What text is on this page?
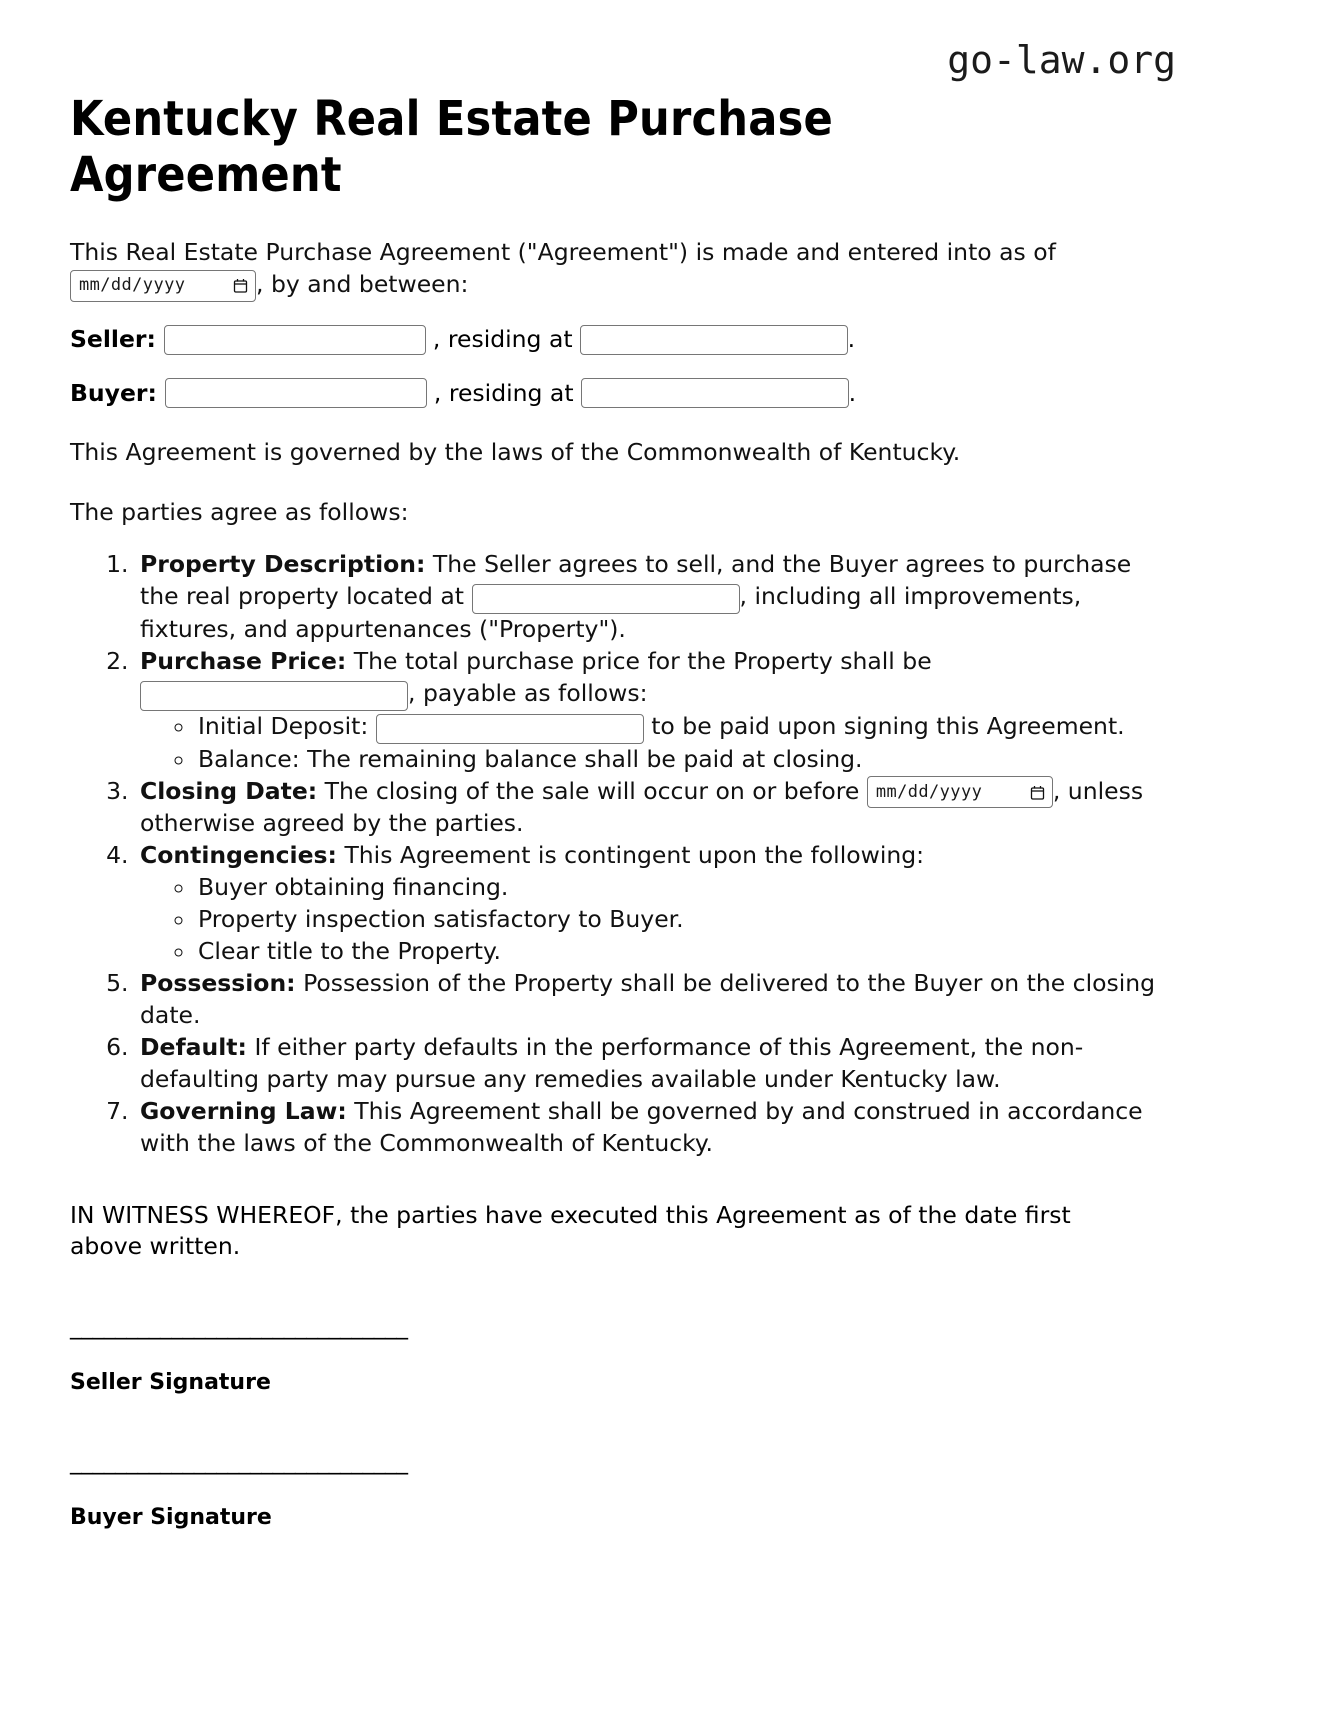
go-law.org
Kentucky Real Estate Purchase Agreement

This Real Estate Purchase Agreement ("Agreement") is made and entered into as of

mm/dd/yyyy	, by and between:

Seller:	, residing at	.
Buyer:	, residing at	.

This Agreement is governed by the laws of the Commonwealth of Kentucky.

The parties agree as follows:

1. Property Description: The Seller agrees to sell, and the Buyer agrees to purchase the real property located at	, including all improvements, fixtures, and appurtenances ("Property").
2. Purchase Price: The total purchase price for the Property shall be , payable as follows:
◦ Initial Deposit:	to be paid upon signing this Agreement.
◦ Balance: The remaining balance shall be paid at closing.
3. Closing Date: The closing of the sale will occur on or before mm/dd/yyyy	, unless otherwise agreed by the parties.
4. Contingencies: This Agreement is contingent upon the following:
◦ Buyer obtaining financing.
◦ Property inspection satisfactory to Buyer.
◦ Clear title to the Property.
5. Possession: Possession of the Property shall be delivered to the Buyer on the closing date.
6. Default: If either party defaults in the performance of this Agreement, the non-defaulting party may pursue any remedies available under Kentucky law.
7. Governing Law: This Agreement shall be governed by and construed in accordance with the laws of the Commonwealth of Kentucky.

IN WITNESS WHEREOF, the parties have executed this Agreement as of the date first above written.

______________________________
Seller Signature
______________________________
Buyer Signature
